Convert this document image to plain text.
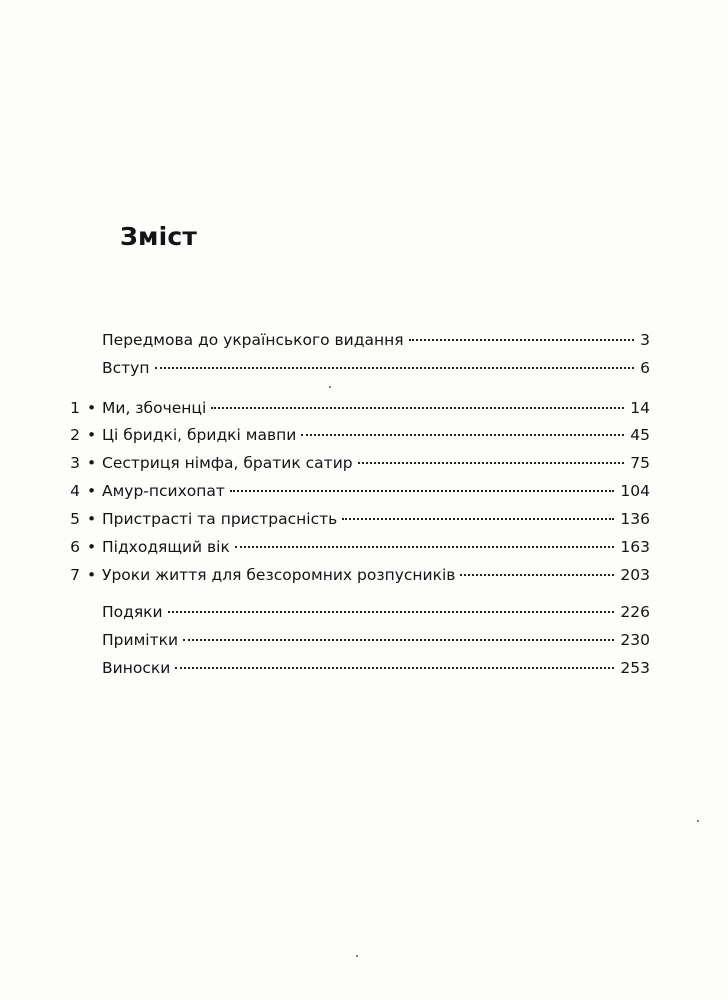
Зміст
Передмова до українського видання	3
Вступ	6
1 • Ми, збоченці	14
2 • Ці бридкі, бридкі мавпи	45
3 • Сестриця німфа, братик сатир	75
4 • Амур-психопат	104
5 • Пристрасті та пристрасність	136
6 • Підходящий вік	163
7 • Уроки життя для безсоромних розпусників	203
Подяки	226
Примітки	230
Виноски	253
